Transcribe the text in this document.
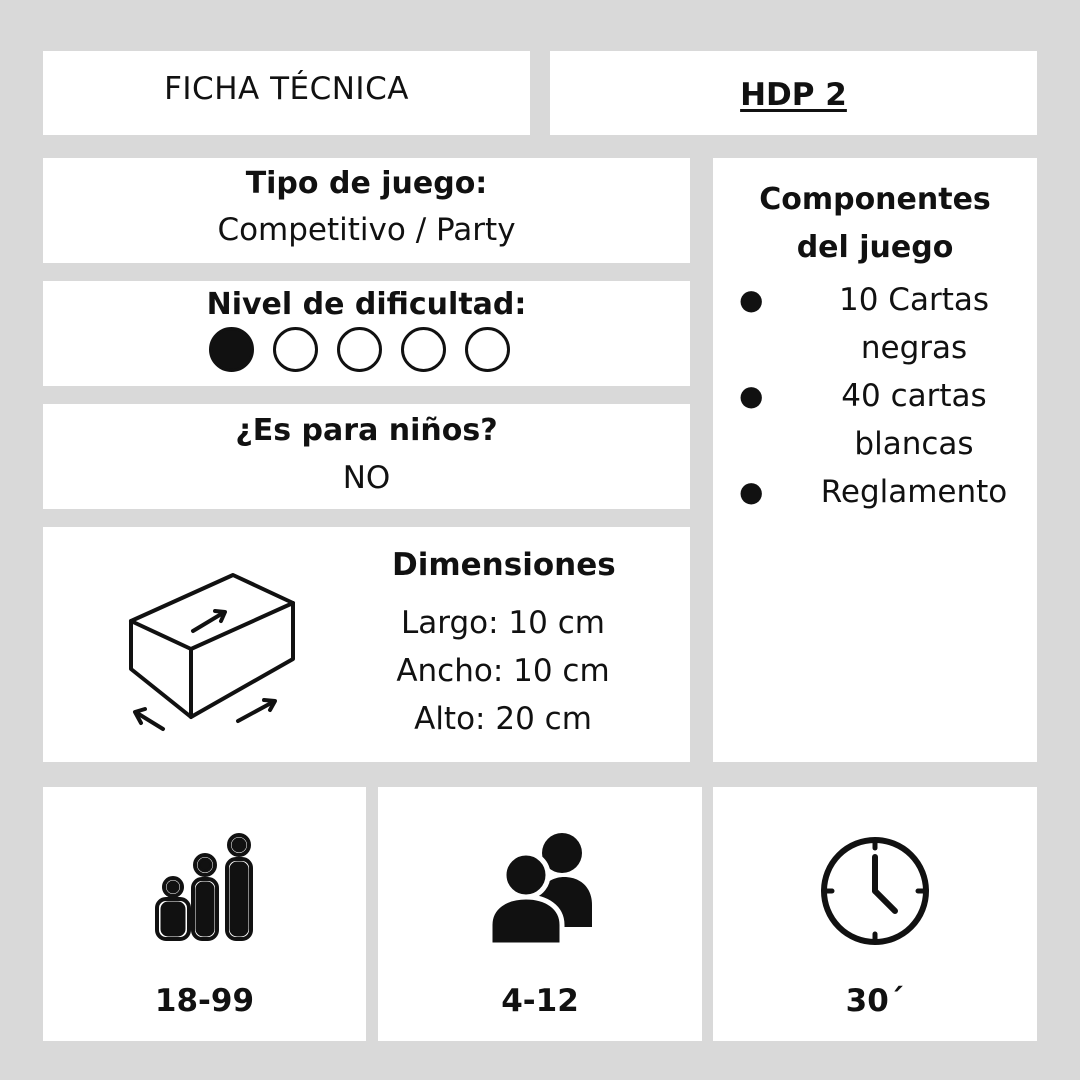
FICHA TÉCNICA	HDP 2
Tipo de juego:
Competitivo / Party
Nivel de dificultad:
¿Es para niños?
NO
Dimensiones
Largo: 10 cm
Ancho: 10 cm
Alto: 20 cm
Componentes
del juego
●	10 Cartas
negras
●	40 cartas
blancas
●	Reglamento
18-99	4-12	30´
